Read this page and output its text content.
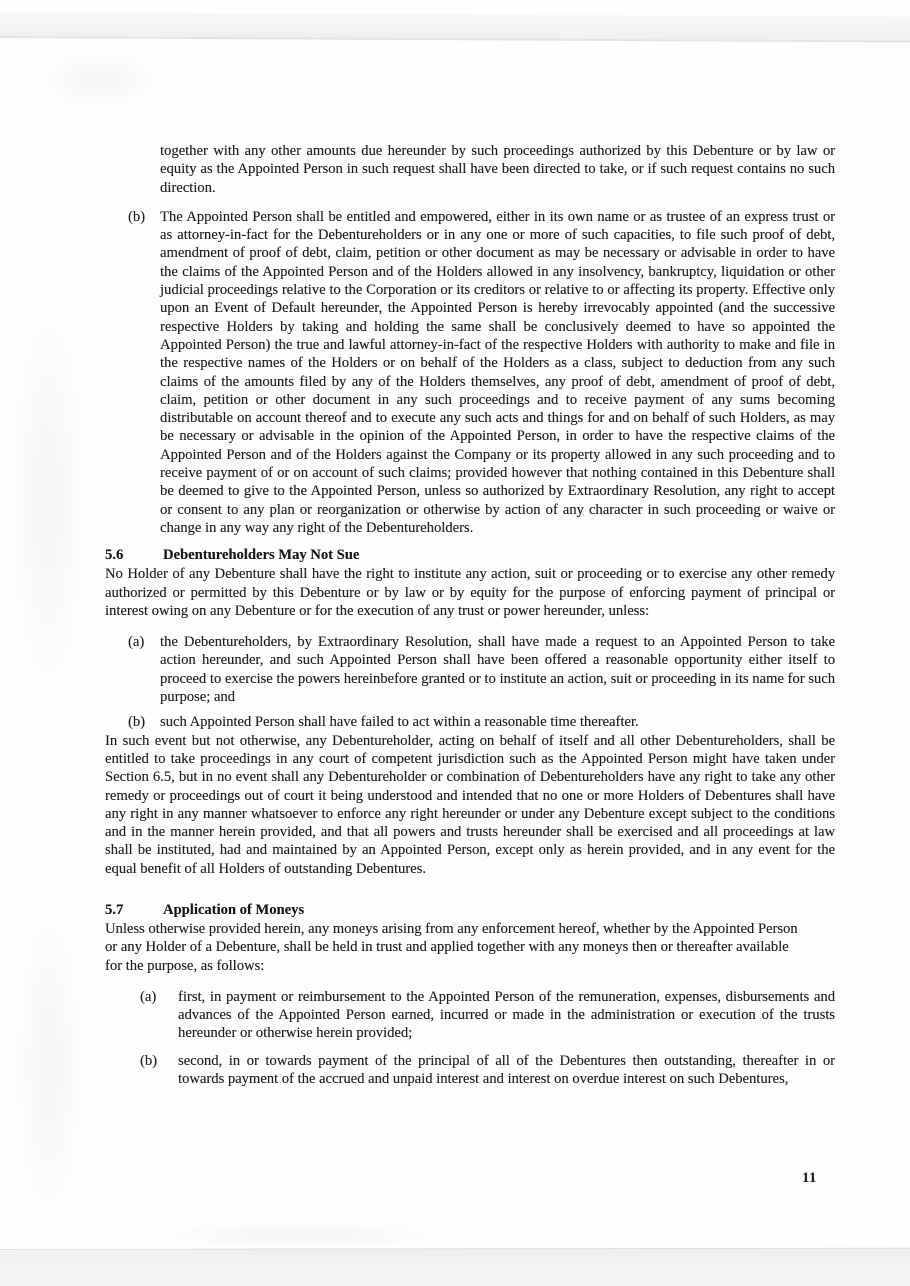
together with any other amounts due hereunder by such proceedings authorized by this Debenture or by law or equity as the Appointed Person in such request shall have been directed to take, or if such request contains no such direction.

(b)	The Appointed Person shall be entitled and empowered, either in its own name or as trustee of an express trust or as attorney-in-fact for the Debentureholders or in any one or more of such capacities, to file such proof of debt, amendment of proof of debt, claim, petition or other document as may be necessary or advisable in order to have the claims of the Appointed Person and of the Holders allowed in any insolvency, bankruptcy, liquidation or other judicial proceedings relative to the Corporation or its creditors or relative to or affecting its property. Effective only upon an Event of Default hereunder, the Appointed Person is hereby irrevocably appointed (and the successive respective Holders by taking and holding the same shall be conclusively deemed to have so appointed the Appointed Person) the true and lawful attorney-in-fact of the respective Holders with authority to make and file in the respective names of the Holders or on behalf of the Holders as a class, subject to deduction from any such claims of the amounts filed by any of the Holders themselves, any proof of debt, amendment of proof of debt, claim, petition or other document in any such proceedings and to receive payment of any sums becoming distributable on account thereof and to execute any such acts and things for and on behalf of such Holders, as may be necessary or advisable in the opinion of the Appointed Person, in order to have the respective claims of the Appointed Person and of the Holders against the Company or its property allowed in any such proceeding and to receive payment of or on account of such claims; provided however that nothing contained in this Debenture shall be deemed to give to the Appointed Person, unless so authorized by Extraordinary Resolution, any right to accept or consent to any plan or reorganization or otherwise by action of any character in such proceeding or waive or change in any way any right of the Debentureholders.
5.6	Debentureholders May Not Sue

No Holder of any Debenture shall have the right to institute any action, suit or proceeding or to exercise any other remedy authorized or permitted by this Debenture or by law or by equity for the purpose of enforcing payment of principal or interest owing on any Debenture or for the execution of any trust or power hereunder, unless:

(a)	the Debentureholders, by Extraordinary Resolution, shall have made a request to an Appointed Person to take action hereunder, and such Appointed Person shall have been offered a reasonable opportunity either itself to proceed to exercise the powers hereinbefore granted or to institute an action, suit or proceeding in its name for such purpose; and
(b)	such Appointed Person shall have failed to act within a reasonable time thereafter.

In such event but not otherwise, any Debentureholder, acting on behalf of itself and all other Debentureholders, shall be entitled to take proceedings in any court of competent jurisdiction such as the Appointed Person might have taken under Section 6.5, but in no event shall any Debentureholder or combination of Debentureholders have any right to take any other remedy or proceedings out of court it being understood and intended that no one or more Holders of Debentures shall have any right in any manner whatsoever to enforce any right hereunder or under any Debenture except subject to the conditions and in the manner herein provided, and that all powers and trusts hereunder shall be exercised and all proceedings at law shall be instituted, had and maintained by an Appointed Person, except only as herein provided, and in any event for the equal benefit of all Holders of outstanding Debentures.

5.7	Application of Moneys

Unless otherwise provided herein, any moneys arising from any enforcement hereof, whether by the Appointed Person or any Holder of a Debenture, shall be held in trust and applied together with any moneys then or thereafter available for the purpose, as follows:

(a)	first, in payment or reimbursement to the Appointed Person of the remuneration, expenses, disbursements and advances of the Appointed Person earned, incurred or made in the administration or execution of the trusts hereunder or otherwise herein provided;
(b)	second, in or towards payment of the principal of all of the Debentures then outstanding, thereafter in or towards payment of the accrued and unpaid interest and interest on overdue interest on such Debentures,
11
